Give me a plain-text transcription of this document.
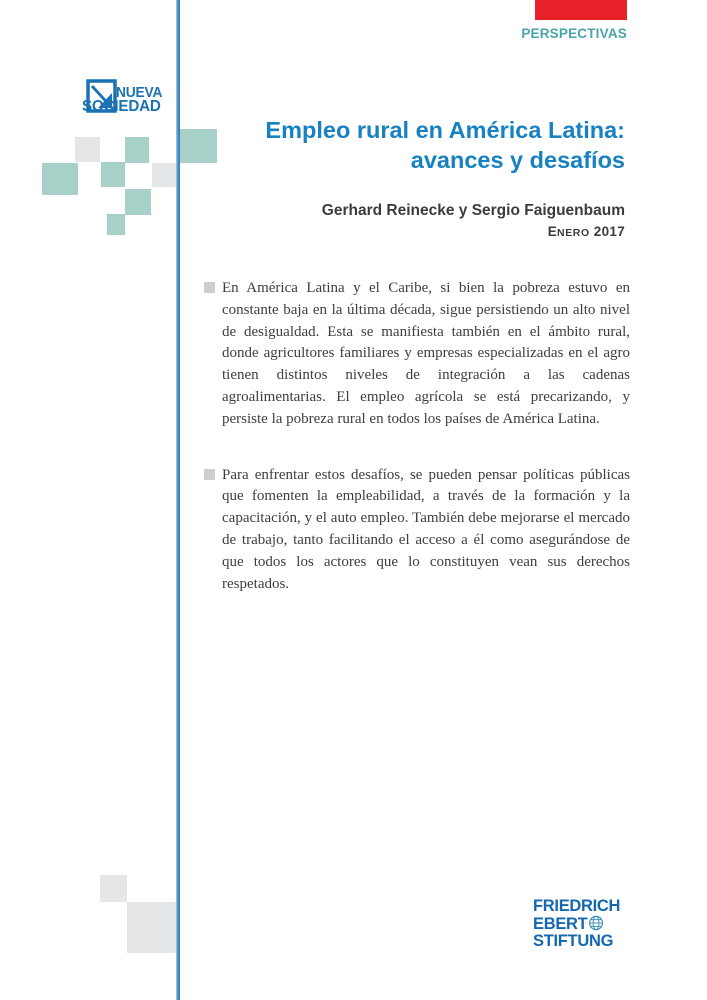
PERSPECTIVAS
NUEVA
SOCIEDAD
Empleo rural en América Latina:
avances y desafíos
Gerhard Reinecke y Sergio Faiguenbaum
ENERO 2017
En América Latina y el Caribe, si bien la pobreza estuvo en constante baja en la última década, sigue persistiendo un alto nivel de desigualdad. Esta se manifiesta también en el ámbito rural, donde agricultores familiares y empresas especializadas en el agro tienen distintos niveles de integración a las cadenas agroalimentarias. El empleo agrícola se está precarizando, y persiste la pobreza rural en todos los países de América Latina.
Para enfrentar estos desafíos, se pueden pensar políticas públicas que fomenten la empleabilidad, a través de la formación y la capacitación, y el auto empleo. También debe mejorarse el mercado de trabajo, tanto facilitando el acceso a él como asegurándose de que todos los actores que lo constituyen vean sus derechos respetados.
FRIEDRICH
EBERT
STIFTUNG
